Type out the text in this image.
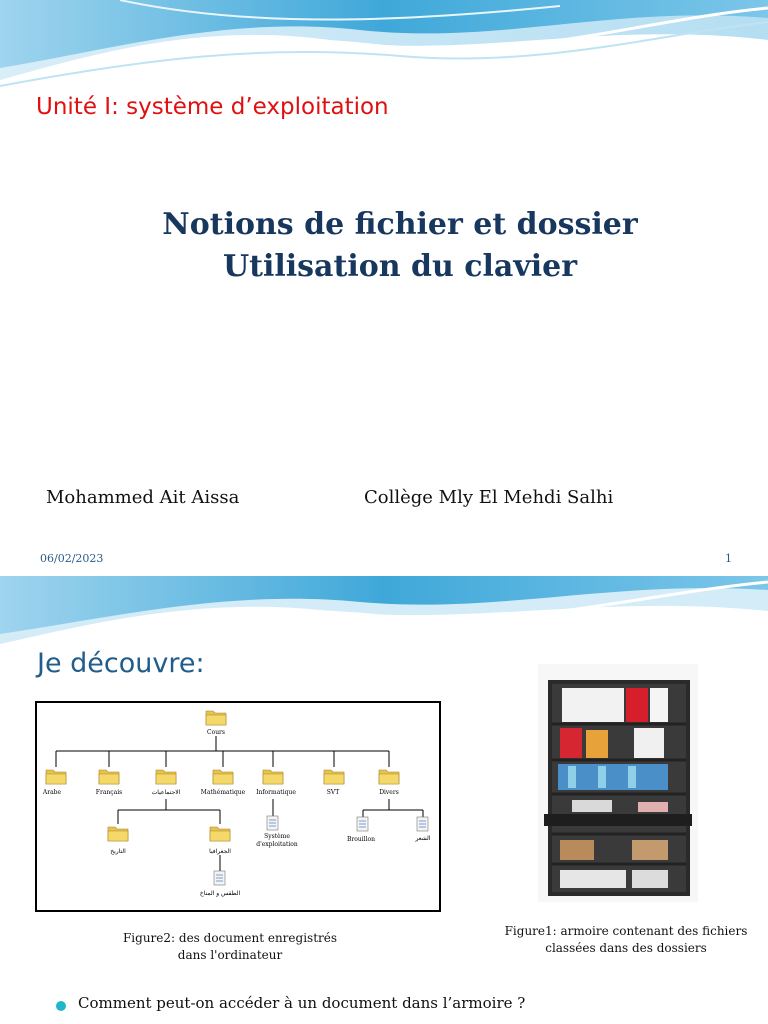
Unité I: système d’exploitation
Notions de fichier et dossier
Utilisation du clavier
Mohammed Ait Aissa	Collège Mly El Mehdi Salhi
06/02/2023	1
Je découvre:
Cours
Arabe	Français	الاجتماعيات	Mathématique Informatique	SVT	Divers
التاريخ	الجغرافيا
الطقس و المناخ
Système
d'exploitation
Brouillon	الشعر
Figure2: des document enregistrés
dans l'ordinateur
Figure1: armoire contenant des fichiers
classées dans des dossiers
Comment peut-on accéder à un document dans l’armoire ?
